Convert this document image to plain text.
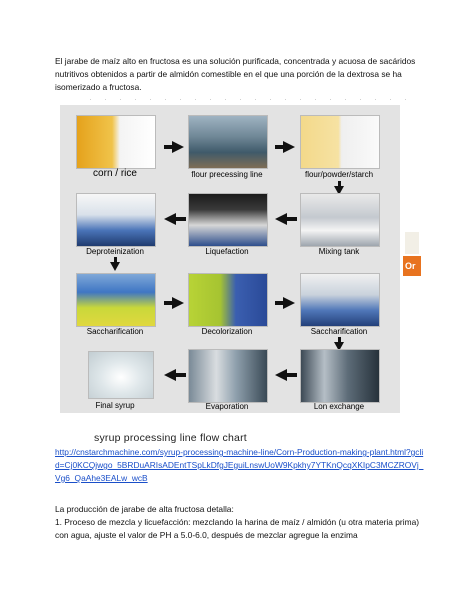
El jarabe de maíz alto en fructosa es una solución purificada, concentrada y acuosa de sacáridos nutritivos obtenidos a partir de almidón comestible en el que una porción de la dextrosa se ha isomerizado a fructosa.

corn / rice	flour precessing line	flour/powder/starch
Deproteinization	Liquefaction	Mixing tank
Saccharification	Decolorization	Saccharification
Final syrup	Evaporation	Lon exchange
syrup processing line flow chart
Or
http://cnstarchmachine.com/syrup-processing-machine-line/Corn-Production-making-plant.html?gclid=Cj0KCQjwgo_5BRDuARIsADEntTSpLkDfgJEguiLnswUoW9Kpkhy7YTKnQcqXKIpC3MCZROVj_Vg6_QaAhe3EALw_wcB

La producción de jarabe de alta fructosa detalla:

1. Proceso de mezcla y licuefacción: mezclando la harina de maíz / almidón (u otra materia prima) con agua, ajuste el valor de PH a 5.0-6.0, después de mezclar agregue la enzima
